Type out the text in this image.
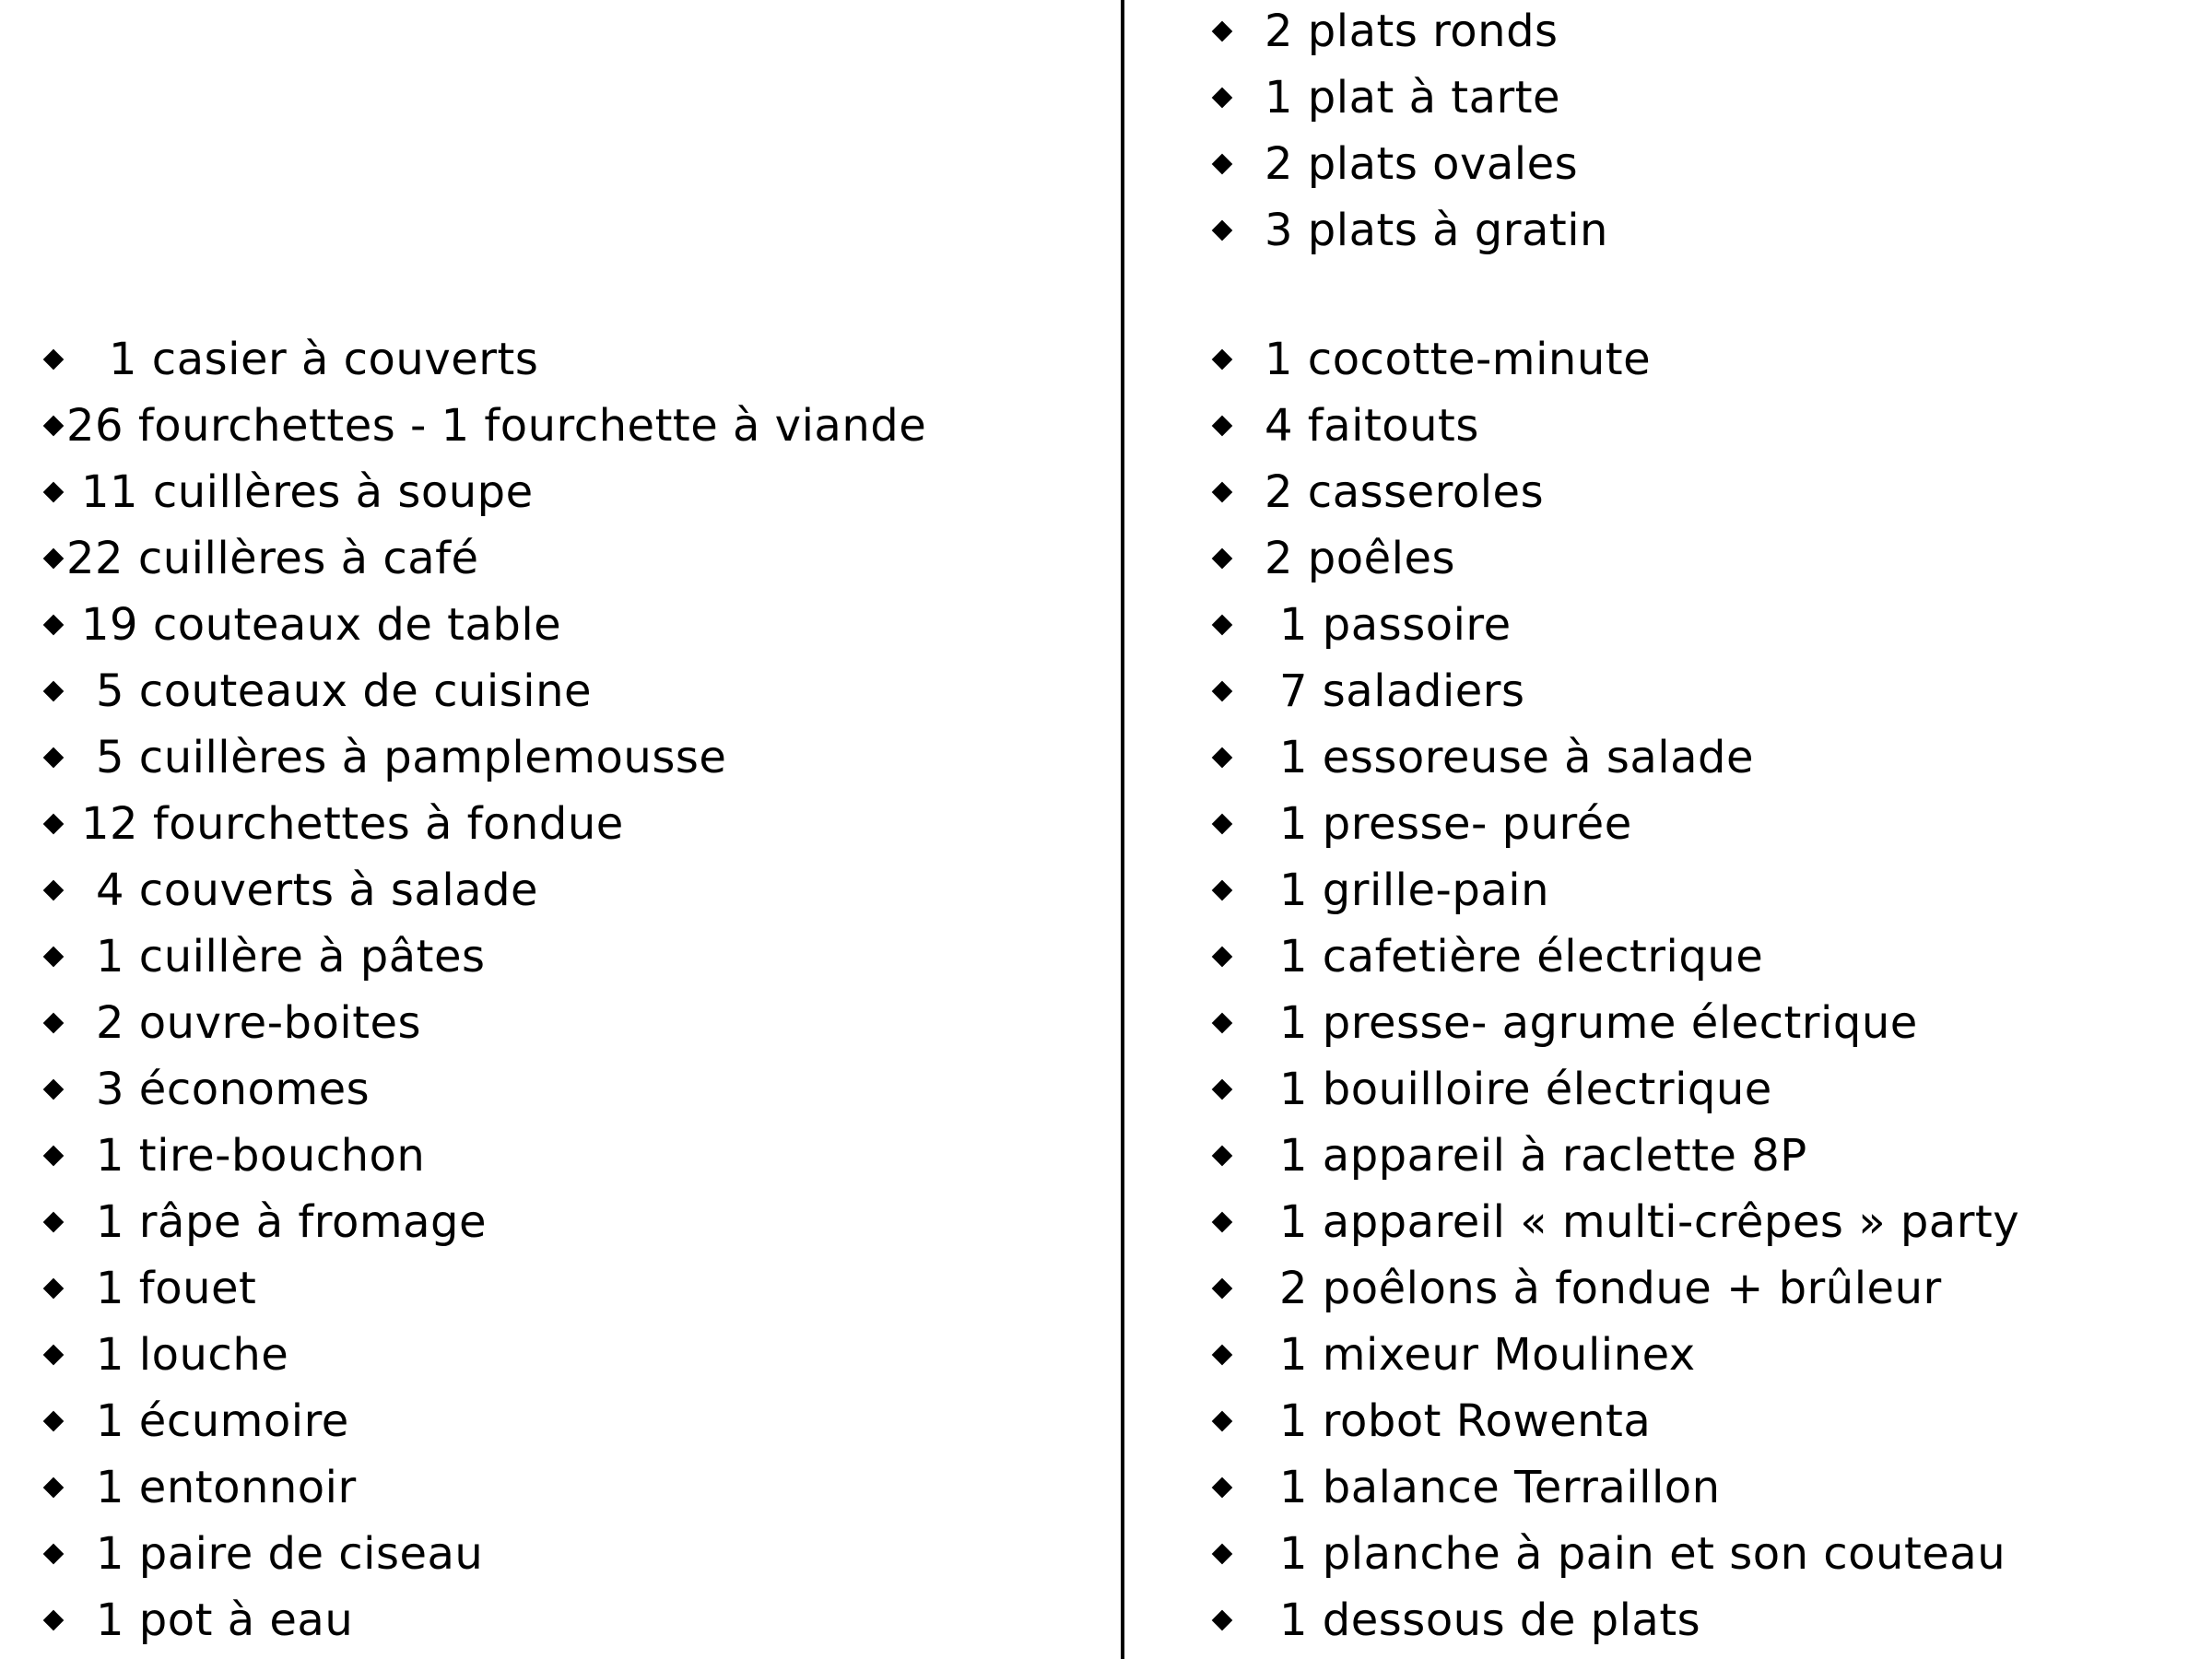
1 casier à couverts
26 fourchettes - 1 fourchette à viande
11 cuillères à soupe
22 cuillères à café
19 couteaux de table
5 couteaux de cuisine
5 cuillères à pamplemousse
12 fourchettes à fondue
4 couverts à salade
1 cuillère à pâtes
2 ouvre-boites
3 économes
1 tire-bouchon
1 râpe à fromage
1 fouet
1 louche
1 écumoire
1 entonnoir
1 paire de ciseau
1 pot à eau
2 plats ronds
1 plat à tarte
2 plats ovales
3 plats à gratin
1 cocotte-minute
4 faitouts
2 casseroles
2 poêles
1 passoire
7 saladiers
1 essoreuse à salade
1 presse- purée
1 grille-pain
1 cafetière électrique
1 presse- agrume électrique
1 bouilloire électrique
1 appareil à raclette 8P
1 appareil « multi-crêpes » party
2 poêlons à fondue + brûleur
1 mixeur Moulinex
1 robot Rowenta
1 balance Terraillon
1 planche à pain et son couteau
1 dessous de plats
